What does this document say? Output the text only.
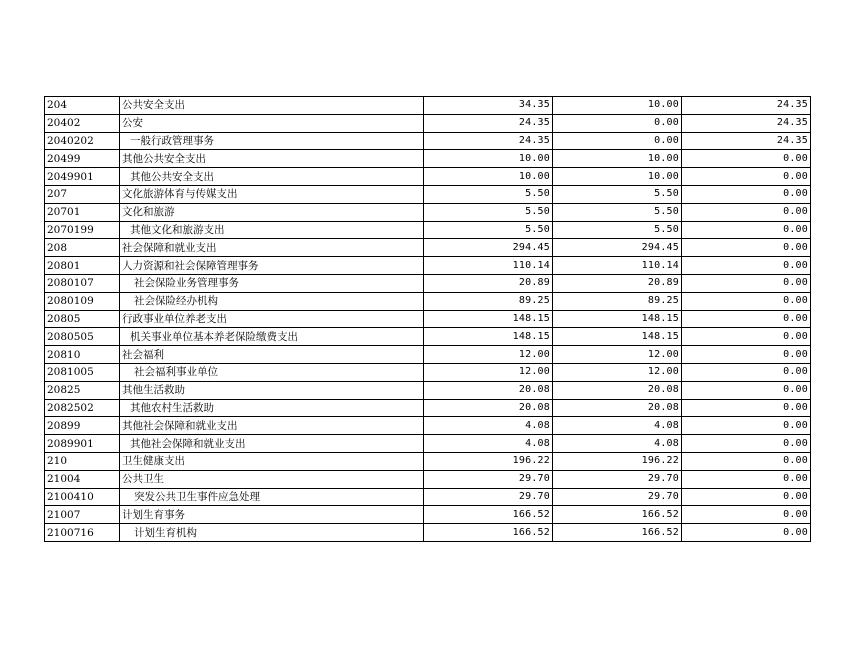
204	公共安全支出	34.35	10.00	24.35
20402	公安	24.35	0.00	24.35
2040202	一般行政管理事务	24.35	0.00	24.35
20499	其他公共安全支出	10.00	10.00	0.00
2049901	其他公共安全支出	10.00	10.00	0.00
207	文化旅游体育与传媒支出	5.50	5.50	0.00
20701	文化和旅游	5.50	5.50	0.00
2070199	其他文化和旅游支出	5.50	5.50	0.00
208	社会保障和就业支出	294.45	294.45	0.00
20801	人力资源和社会保障管理事务	110.14	110.14	0.00
2080107	社会保险业务管理事务	20.89	20.89	0.00
2080109	社会保险经办机构	89.25	89.25	0.00
20805	行政事业单位养老支出	148.15	148.15	0.00
2080505	机关事业单位基本养老保险缴费支出	148.15	148.15	0.00
20810	社会福利	12.00	12.00	0.00
2081005	社会福利事业单位	12.00	12.00	0.00
20825	其他生活救助	20.08	20.08	0.00
2082502	其他农村生活救助	20.08	20.08	0.00
20899	其他社会保障和就业支出	4.08	4.08	0.00
2089901	其他社会保障和就业支出	4.08	4.08	0.00
210	卫生健康支出	196.22	196.22	0.00
21004	公共卫生	29.70	29.70	0.00
2100410	突发公共卫生事件应急处理	29.70	29.70	0.00
21007	计划生育事务	166.52	166.52	0.00
2100716	计划生育机构	166.52	166.52	0.00
